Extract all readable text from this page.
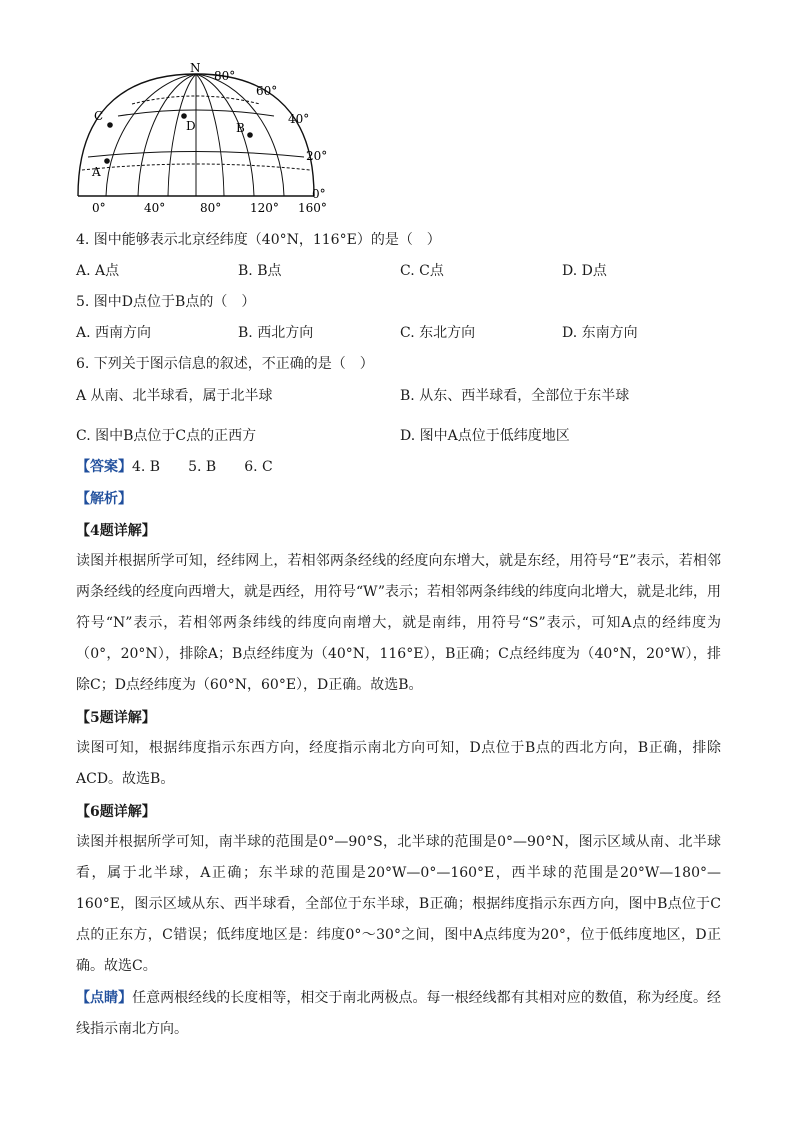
A
C
D	B
N
80°
60°
40°
20°
0°
0°	40°	80° 120° 160°
4. 图中能够表示北京经纬度（40°N，116°E）的是（　）
A. A点	B. B点	C. C点	D. D点
5. 图中D点位于B点的（　）
A. 西南方向	B. 西北方向	C. 东北方向	D. 东南方向
6. 下列关于图示信息的叙述，不正确的是（　）
A 从南、北半球看，属于北半球	B. 从东、西半球看，全部位于东半球
C. 图中B点位于C点的正西方	D. 图中A点位于低纬度地区
【答案】4. B　　5. B　　6. C
【解析】
【4题详解】
读图并根据所学可知，经纬网上，若相邻两条经线的经度向东增大，就是东经，用符号“E”表示，若相邻两条经线的经度向西增大，就是西经，用符号“W”表示；若相邻两条纬线的纬度向北增大，就是北纬，用符号“N”表示，若相邻两条纬线的纬度向南增大，就是南纬，用符号“S”表示，可知A点的经纬度为（0°，20°N），排除A；B点经纬度为（40°N，116°E），B正确；C点经纬度为（40°N，20°W），排除C；D点经纬度为（60°N，60°E），D正确。故选B。
【5题详解】
读图可知，根据纬度指示东西方向，经度指示南北方向可知，D点位于B点的西北方向，B正确，排除ACD。故选B。
【6题详解】
读图并根据所学可知，南半球的范围是0°—90°S，北半球的范围是0°—90°N，图示区域从南、北半球看，属于北半球，A正确；东半球的范围是20°W—0°—160°E，西半球的范围是20°W—180°—160°E，图示区域从东、西半球看，全部位于东半球，B正确；根据纬度指示东西方向，图中B点位于C点的正东方，C错误；低纬度地区是：纬度0°～30°之间，图中A点纬度为20°，位于低纬度地区，D正确。故选C。
【点睛】任意两根经线的长度相等，相交于南北两极点。每一根经线都有其相对应的数值，称为经度。经线指示南北方向。
